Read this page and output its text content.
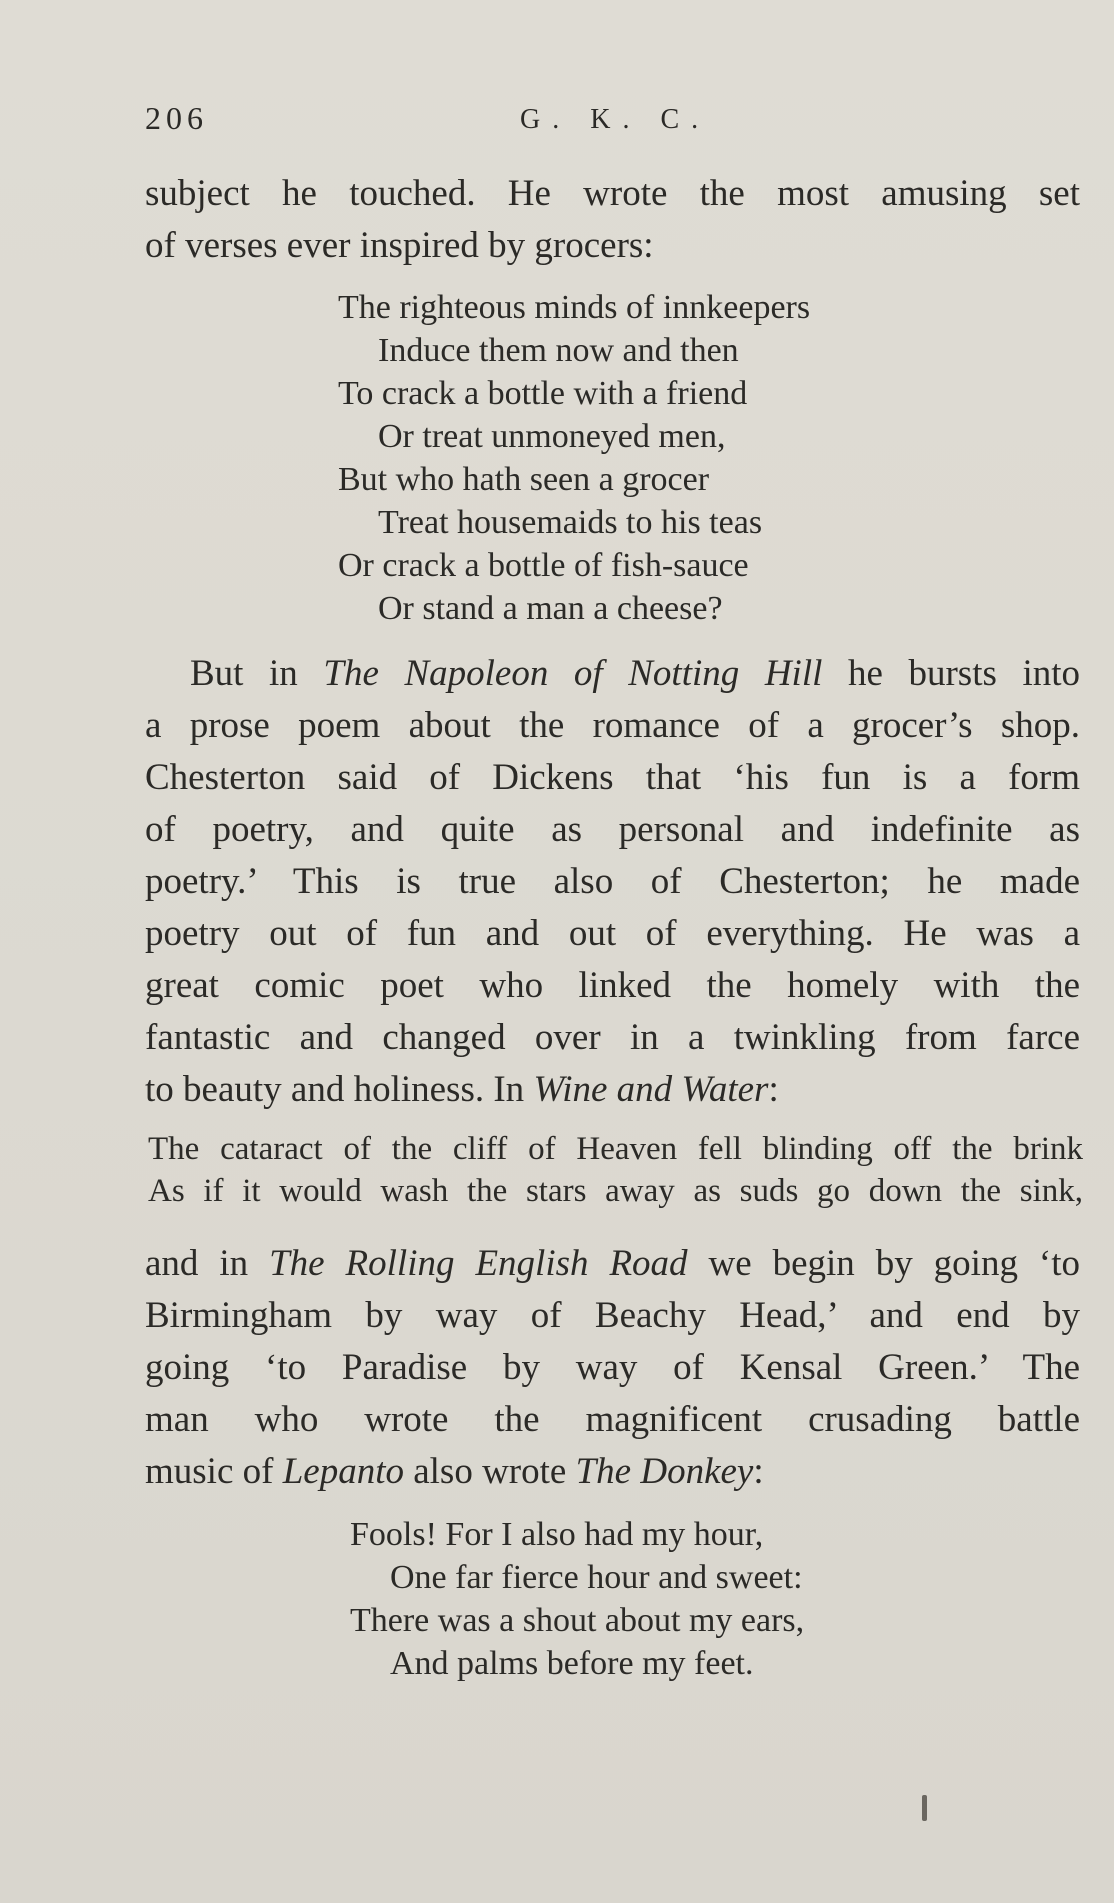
206	G. K. C.
subject he touched. He wrote the most amusing set
of verses ever inspired by grocers:
The righteous minds of innkeepers
Induce them now and then
To crack a bottle with a friend
Or treat unmoneyed men,
But who hath seen a grocer
Treat housemaids to his teas
Or crack a bottle of fish-sauce
Or stand a man a cheese?
But in The Napoleon of Notting Hill he bursts into
a prose poem about the romance of a grocer’s shop.
Chesterton said of Dickens that ‘his fun is a form
of poetry, and quite as personal and indefinite as
poetry.’ This is true also of Chesterton; he made
poetry out of fun and out of everything. He was a
great comic poet who linked the homely with the
fantastic and changed over in a twinkling from farce
to beauty and holiness. In Wine and Water:
The cataract of the cliff of Heaven fell blinding off the brink
As if it would wash the stars away as suds go down the sink,
and in The Rolling English Road we begin by going ‘to
Birmingham by way of Beachy Head,’ and end by
going ‘to Paradise by way of Kensal Green.’ The
man who wrote the magnificent crusading battle
music of Lepanto also wrote The Donkey:
Fools! For I also had my hour,
One far fierce hour and sweet:
There was a shout about my ears,
And palms before my feet.
